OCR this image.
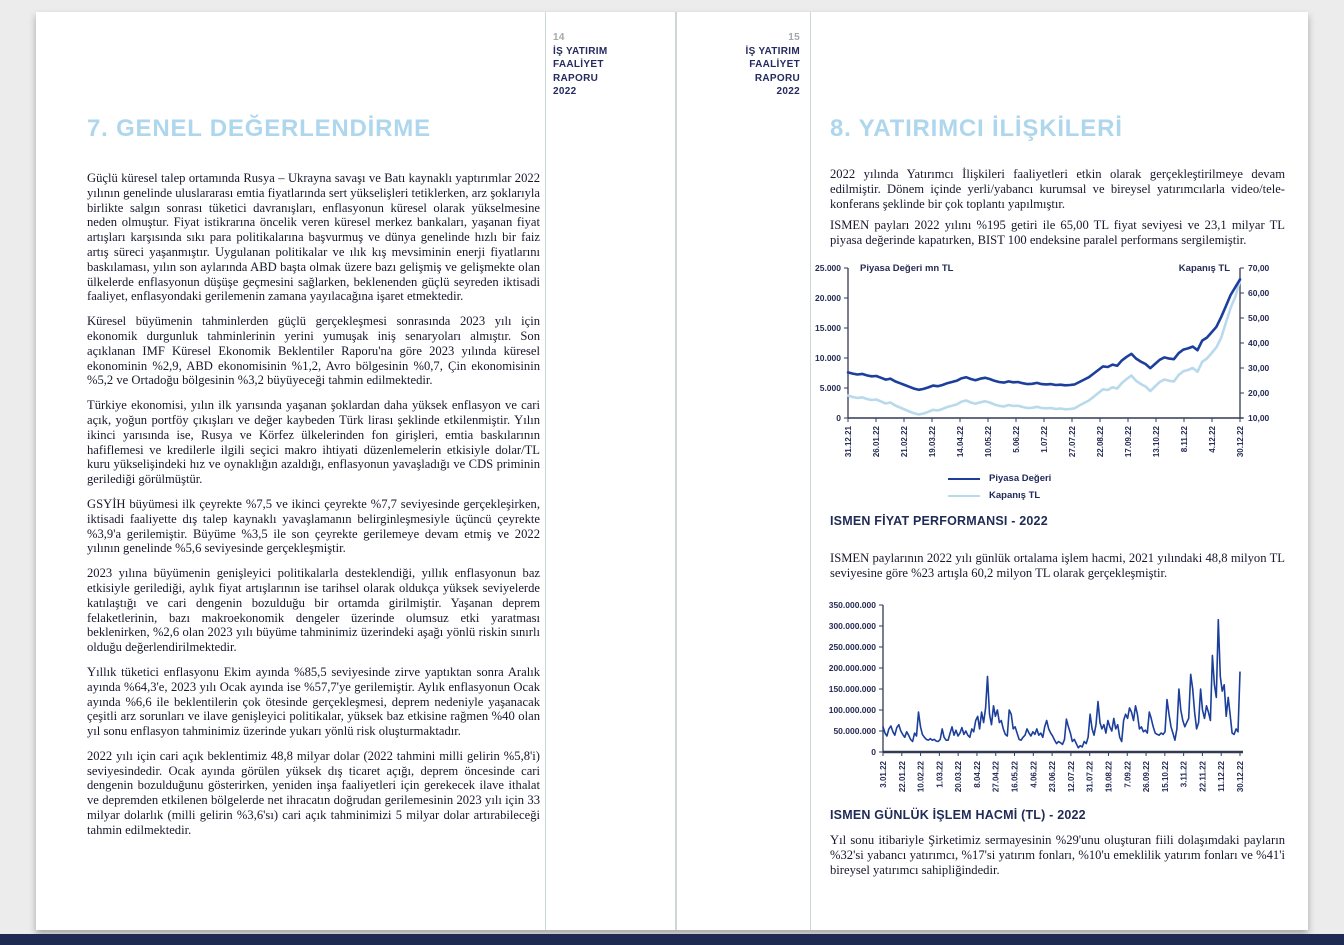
14
İŞ YATIRIM
FAALİYET
RAPORU
2022
15
İŞ YATIRIM
FAALİYET
RAPORU
2022
7. GENEL DEĞERLENDİRME

Güçlü küresel talep ortamında Rusya – Ukrayna savaşı ve Batı kaynaklı yaptırımlar 2022 yılının genelinde uluslararası emtia fiyatlarında sert yükselişleri tetiklerken, arz şoklarıyla birlikte salgın sonrası tüketici davranışları, enflasyonun küresel olarak yükselmesine neden olmuştur. Fiyat istikrarına öncelik veren küresel merkez bankaları, yaşanan fiyat artışları karşısında sıkı para politikalarına başvurmuş ve dünya genelinde hızlı bir faiz artış süreci yaşanmıştır. Uygulanan politikalar ve ılık kış mevsiminin enerji fiyatlarını baskılaması, yılın son aylarında ABD başta olmak üzere bazı gelişmiş ve gelişmekte olan ülkelerde enflasyonun düşüşe geçmesini sağlarken, beklenenden güçlü seyreden iktisadi faaliyet, enflasyondaki gerilemenin zamana yayılacağına işaret etmektedir.

Küresel büyümenin tahminlerden güçlü gerçekleşmesi sonrasında 2023 yılı için ekonomik durgunluk tahminlerinin yerini yumuşak iniş senaryoları almıştır. Son açıklanan IMF Küresel Ekonomik Beklentiler Raporu'na göre 2023 yılında küresel ekonominin %2,9, ABD ekonomisinin %1,2, Avro bölgesinin %0,7, Çin ekonomisinin %5,2 ve Ortadoğu bölgesinin %3,2 büyüyeceği tahmin edilmektedir.

Türkiye ekonomisi, yılın ilk yarısında yaşanan şoklardan daha yüksek enflasyon ve cari açık, yoğun portföy çıkışları ve değer kaybeden Türk lirası şeklinde etkilenmiştir. Yılın ikinci yarısında ise, Rusya ve Körfez ülkelerinden fon girişleri, emtia baskılarının hafiflemesi ve kredilerle ilgili seçici makro ihtiyati düzenlemelerin etkisiyle dolar/TL kuru yükselişindeki hız ve oynaklığın azaldığı, enflasyonun yavaşladığı ve CDS priminin gerilediği görülmüştür.

GSYİH büyümesi ilk çeyrekte %7,5 ve ikinci çeyrekte %7,7 seviyesinde gerçekleşirken, iktisadi faaliyette dış talep kaynaklı yavaşlamanın belirginleşmesiyle üçüncü çeyrekte %3,9'a gerilemiştir. Büyüme %3,5 ile son çeyrekte gerilemeye devam etmiş ve 2022 yılının genelinde %5,6 seviyesinde gerçekleşmiştir.

2023 yılına büyümenin genişleyici politikalarla desteklendiği, yıllık enflasyonun baz etkisiyle gerilediği, aylık fiyat artışlarının ise tarihsel olarak oldukça yüksek seviyelerde katılaştığı ve cari dengenin bozulduğu bir ortamda girilmiştir. Yaşanan deprem felaketlerinin, bazı makroekonomik dengeler üzerinde olumsuz etki yaratması beklenirken, %2,6 olan 2023 yılı büyüme tahminimiz üzerindeki aşağı yönlü riskin sınırlı olduğu değerlendirilmektedir.

Yıllık tüketici enflasyonu Ekim ayında %85,5 seviyesinde zirve yaptıktan sonra Aralık ayında %64,3'e, 2023 yılı Ocak ayında ise %57,7'ye gerilemiştir. Aylık enflasyonun Ocak ayında %6,6 ile beklentilerin çok ötesinde gerçekleşmesi, deprem nedeniyle yaşanacak çeşitli arz sorunları ve ilave genişleyici politikalar, yüksek baz etkisine rağmen %40 olan yıl sonu enflasyon tahminimiz üzerinde yukarı yönlü risk oluşturmaktadır.

2022 yılı için cari açık beklentimiz 48,8 milyar dolar (2022 tahmini milli gelirin %5,8'i) seviyesindedir. Ocak ayında görülen yüksek dış ticaret açığı, deprem öncesinde cari dengenin bozulduğunu gösterirken, yeniden inşa faaliyetleri için gerekecek ilave ithalat ve depremden etkilenen bölgelerde net ihracatın doğrudan gerilemesinin 2023 yılı için 33 milyar dolarlık (milli gelirin %3,6'sı) cari açık tahminimizi 5 milyar dolar artırabileceği tahmin edilmektedir.

8. YATIRIMCI İLİŞKİLERİ

2022 yılında Yatırımcı İlişkileri faaliyetleri etkin olarak gerçekleştirilmeye devam edilmiştir. Dönem içinde yerli/yabancı kurumsal ve bireysel yatırımcılarla video/tele-konferans şeklinde bir çok toplantı yapılmıştır.

ISMEN payları 2022 yılını %195 getiri ile 65,00 TL fiyat seviyesi ve 23,1 milyar TL piyasa değerinde kapatırken, BIST 100 endeksine paralel performans sergilemiştir.

25.000
20.000
15.000
10.000
5.000
0
70,00
60,00
50,00
40,00
30,00
20,00
10,00
31.12.21 26.01.22 21.02.22 19.03.22 14.04.22 10.05.22 5.06.22 1.07.22 27.07.22 22.08.22 17.09.22 13.10.22 8.11.22 4.12.22 30.12.22
Piyasa Değeri mn TL	Kapanış TL
Piyasa Değeri
Kapanış TL
ISMEN FİYAT PERFORMANSI - 2022

ISMEN paylarının 2022 yılı günlük ortalama işlem hacmi, 2021 yılındaki 48,8 milyon TL seviyesine göre %23 artışla 60,2 milyon TL olarak gerçekleşmiştir.

350.000.000
300.000.000
250.000.000
200.000.000
150.000.000
100.000.000
50.000.000
0
3.01.22 22.01.22 10.02.22 1.03.22 20.03.22 8.04.22 27.04.22 16.05.22 4.06.22 23.06.22 12.07.22 31.07.22 19.08.22 7.09.22 26.09.22 15.10.22 3.11.22 22.11.22 11.12.22 30.12.22
ISMEN GÜNLÜK İŞLEM HACMİ (TL) - 2022

Yıl sonu itibariyle Şirketimiz sermayesinin %29'unu oluşturan fiili dolaşımdaki payların %32'si yabancı yatırımcı, %17'si yatırım fonları, %10'u emeklilik yatırım fonları ve %41'i bireysel yatırımcı sahipliğindedir.
